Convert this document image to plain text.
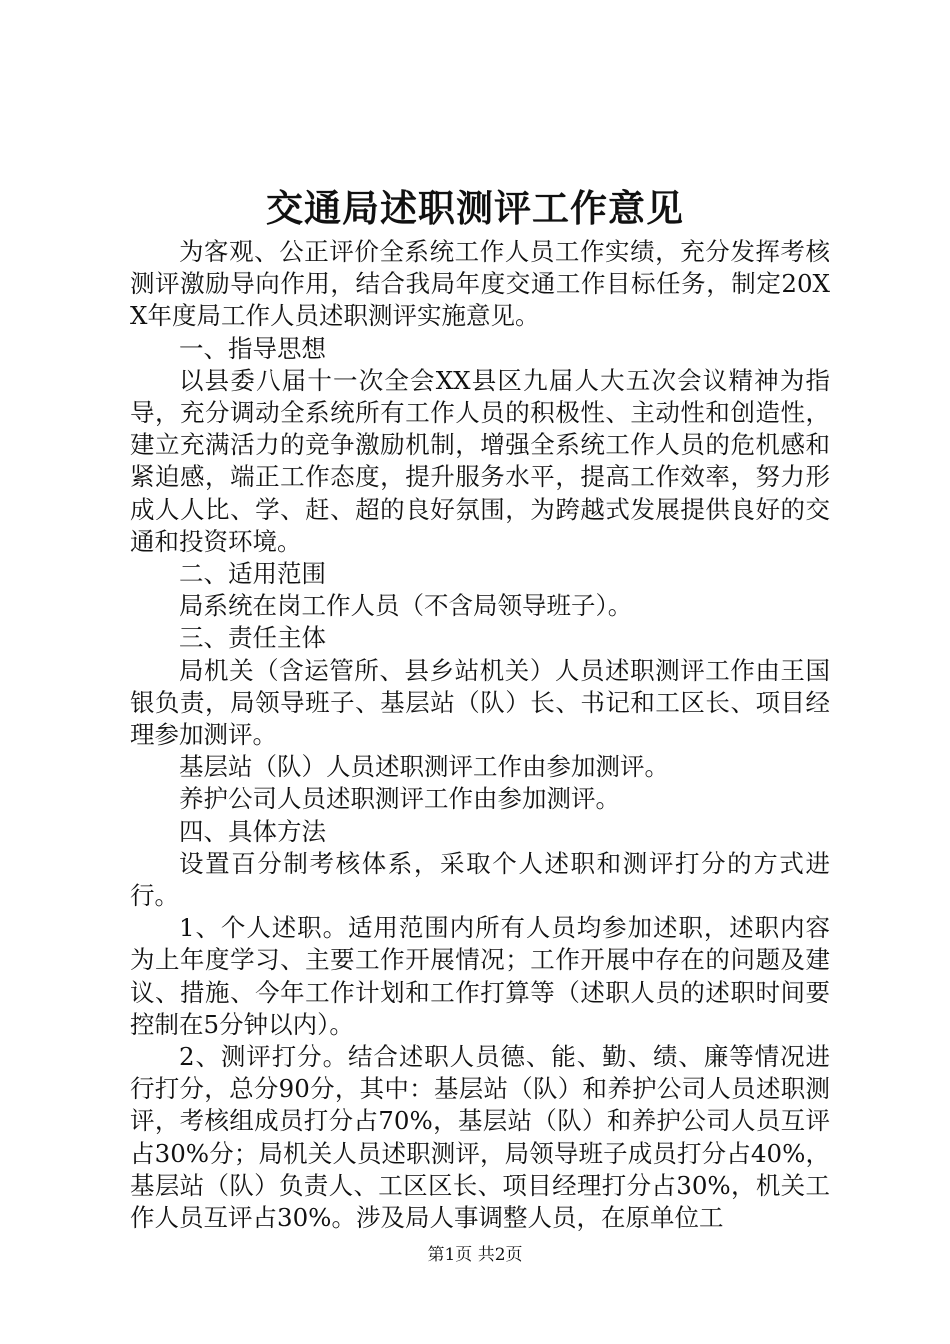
交通局述职测评工作意见

为客观、公正评价全系统工作人员工作实绩，充分发挥考核测评激励导向作用，结合我局年度交通工作目标任务，制定20XX年度局工作人员述职测评实施意见。

一、指导思想

以县委八届十一次全会XX县区九届人大五次会议精神为指导，充分调动全系统所有工作人员的积极性、主动性和创造性，建立充满活力的竞争激励机制，增强全系统工作人员的危机感和紧迫感，端正工作态度，提升服务水平，提高工作效率，努力形成人人比、学、赶、超的良好氛围，为跨越式发展提供良好的交通和投资环境。

二、适用范围

局系统在岗工作人员（不含局领导班子）。

三、责任主体

局机关（含运管所、县乡站机关）人员述职测评工作由王国银负责，局领导班子、基层站（队）长、书记和工区长、项目经理参加测评。

基层站（队）人员述职测评工作由参加测评。

养护公司人员述职测评工作由参加测评。

四、具体方法

设置百分制考核体系，采取个人述职和测评打分的方式进行。

1、个人述职。适用范围内所有人员均参加述职，述职内容为上年度学习、主要工作开展情况；工作开展中存在的问题及建议、措施、今年工作计划和工作打算等（述职人员的述职时间要控制在5分钟以内）。

2、测评打分。结合述职人员德、能、勤、绩、廉等情况进行打分，总分90分，其中：基层站（队）和养护公司人员述职测评，考核组成员打分占70%，基层站（队）和养护公司人员互评占30%分；局机关人员述职测评，局领导班子成员打分占40%，基层站（队）负责人、工区区长、项目经理打分占30%，机关工作人员互评占30%。涉及局人事调整人员，在原单位工

第1页 共2页
